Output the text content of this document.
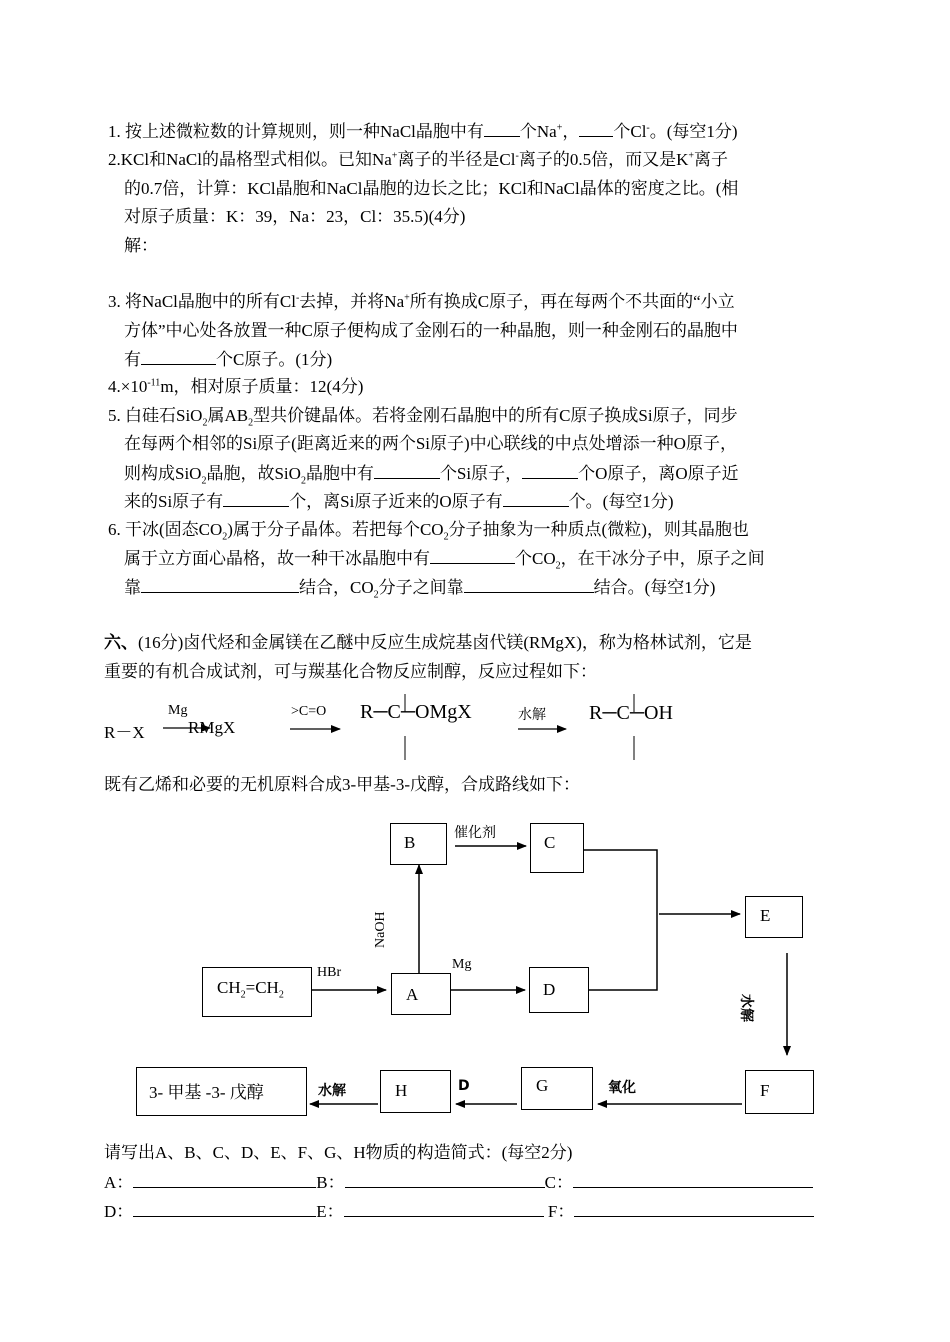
1. 按上述微粒数的计算规则，则一种NaCl晶胞中有 个Na+， 个Cl-。(每空1分)
2.KCl和NaCl的晶格型式相似。已知Na+离子的半径是Cl-离子的0.5倍，而又是K+离子
的0.7倍，计算：KCl晶胞和NaCl晶胞的边长之比；KCl和NaCl晶体的密度之比。(相
对原子质量：K：39，Na：23，Cl：35.5)(4分)
解：
3. 将NaCl晶胞中的所有Cl-去掉，并将Na+所有换成C原子，再在每两个不共面的“小立
方体”中心处各放置一种C原子便构成了金刚石的一种晶胞，则一种金刚石的晶胞中
有	个C原子。(1分)
$4.\times 10^{-11}m$，相对原子质量：12(4分)
5. 白硅石SiO$_2$属$AB_2$型共价键晶体。若将金刚石晶胞中的所有C原子换成Si原子，同步
在每两个相邻的Si原子(距离近来的两个Si原子)中心联线的中点处增添一种O原子，
则构成SiO$_2$晶胞，故SiO$_2$晶胞中有	个Si原子，	个O原子，离O原子近
来的Si原子有	个，离Si原子近来的O原子有	个。(每空1分)
6. 干冰(固态$CO_2$)属于分子晶体。若把每个$CO_2$分子抽象为一种质点(微粒)，则其晶胞也
属于立方面心晶格，故一种干冰晶胞中有	个$CO_2$，在干冰分子中，原子之间
靠	结合，$CO_2$分子之间靠	结合。(每空1分)
六、(16分)卤代烃和金属镁在乙醚中反应生成烷基卤代镁(RMgX)，称为格林试剂，它是
重要的有机合成试剂，可与羰基化合物反应制醇，反应过程如下：
R－X
Mg
RMgX
>C=O R─C─OMgX	水解 R─C─OH
既有乙烯和必要的无机原料合成3-甲基-3-戊醇，合成路线如下：
$CH_2=CH_2$	A
B	C
D
E
F
G
H
3- 甲基 -3- 戊醇
HBr
NaOH
催化剂
Mg
水解
氧化
D
水解
请写出A、B、C、D、E、F、G、H物质的构造简式：(每空2分)
A：	B：	C：
D：	E：	F：
